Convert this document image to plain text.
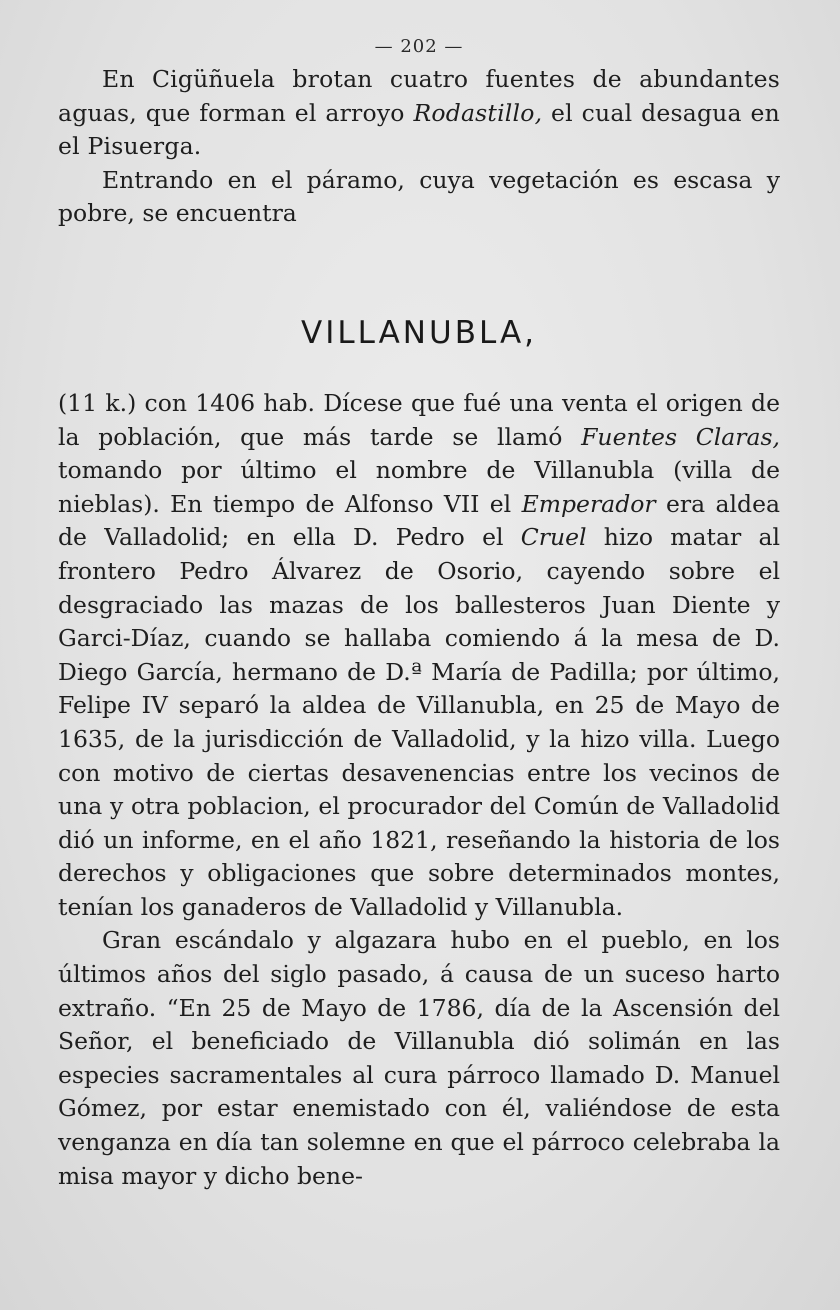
— 202 —

En Cigüñuela brotan cuatro fuentes de abundantes aguas, que forman el arroyo Rodastillo, el cual desagua en el Pisuerga.

Entrando en el páramo, cuya vegetación es escasa y pobre, se encuentra

VILLANUBLA,

(11 k.) con 1406 hab. Dícese que fué una venta el origen de la población, que más tarde se llamó Fuentes Claras, tomando por último el nombre de Villanubla (villa de nieblas). En tiempo de Alfonso VII el Emperador era aldea de Valladolid; en ella D. Pedro el Cruel hizo matar al frontero Pedro Álvarez de Osorio, cayendo sobre el desgraciado las mazas de los ballesteros Juan Diente y Garci-Díaz, cuando se hallaba comiendo á la mesa de D. Diego García, hermano de D.ª María de Padilla; por último, Felipe IV separó la aldea de Villanubla, en 25 de Mayo de 1635, de la jurisdicción de Valladolid, y la hizo villa. Luego con motivo de ciertas desavenencias entre los vecinos de una y otra poblacion, el procurador del Común de Valladolid dió un informe, en el año 1821, reseñando la historia de los derechos y obligaciones que sobre determinados montes, tenían los ganaderos de Valladolid y Villanubla.

Gran escándalo y algazara hubo en el pueblo, en los últimos años del siglo pasado, á causa de un suceso harto extraño. “En 25 de Mayo de 1786, día de la Ascensión del Señor, el beneficiado de Villanubla dió solimán en las especies sacramentales al cura párroco llamado D. Manuel Gómez, por estar enemistado con él, valiéndose de esta venganza en día tan solemne en que el párroco celebraba la misa mayor y dicho bene-
